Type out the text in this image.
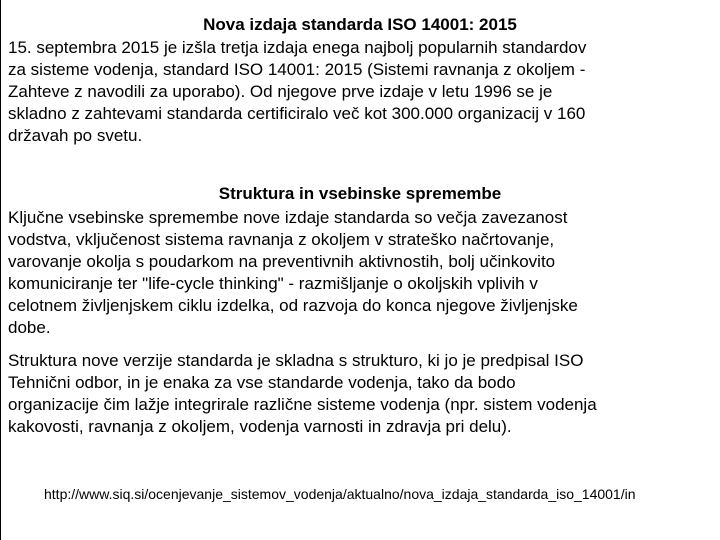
Nova izdaja standarda ISO 14001: 2015
15. septembra 2015 je izšla tretja izdaja enega najbolj popularnih standardov
za sisteme vodenja, standard ISO 14001: 2015 (Sistemi ravnanja z okoljem -
Zahteve z navodili za uporabo). Od njegove prve izdaje v letu 1996 se je
skladno z zahtevami standarda certificiralo več kot 300.000 organizacij v 160
državah po svetu.
Struktura in vsebinske spremembe
Ključne vsebinske spremembe nove izdaje standarda so večja zavezanost
vodstva, vključenost sistema ravnanja z okoljem v strateško načrtovanje,
varovanje okolja s poudarkom na preventivnih aktivnostih, bolj učinkovito
komuniciranje ter "life-cycle thinking" - razmišljanje o okoljskih vplivih v
celotnem življenjskem ciklu izdelka, od razvoja do konca njegove življenjske
dobe.
Struktura nove verzije standarda je skladna s strukturo, ki jo je predpisal ISO
Tehnični odbor, in je enaka za vse standarde vodenja, tako da bodo
organizacije čim lažje integrirale različne sisteme vodenja (npr. sistem vodenja
kakovosti, ravnanja z okoljem, vodenja varnosti in zdravja pri delu).
http://www.siq.si/ocenjevanje_sistemov_vodenja/aktualno/nova_izdaja_standarda_iso_14001/in
